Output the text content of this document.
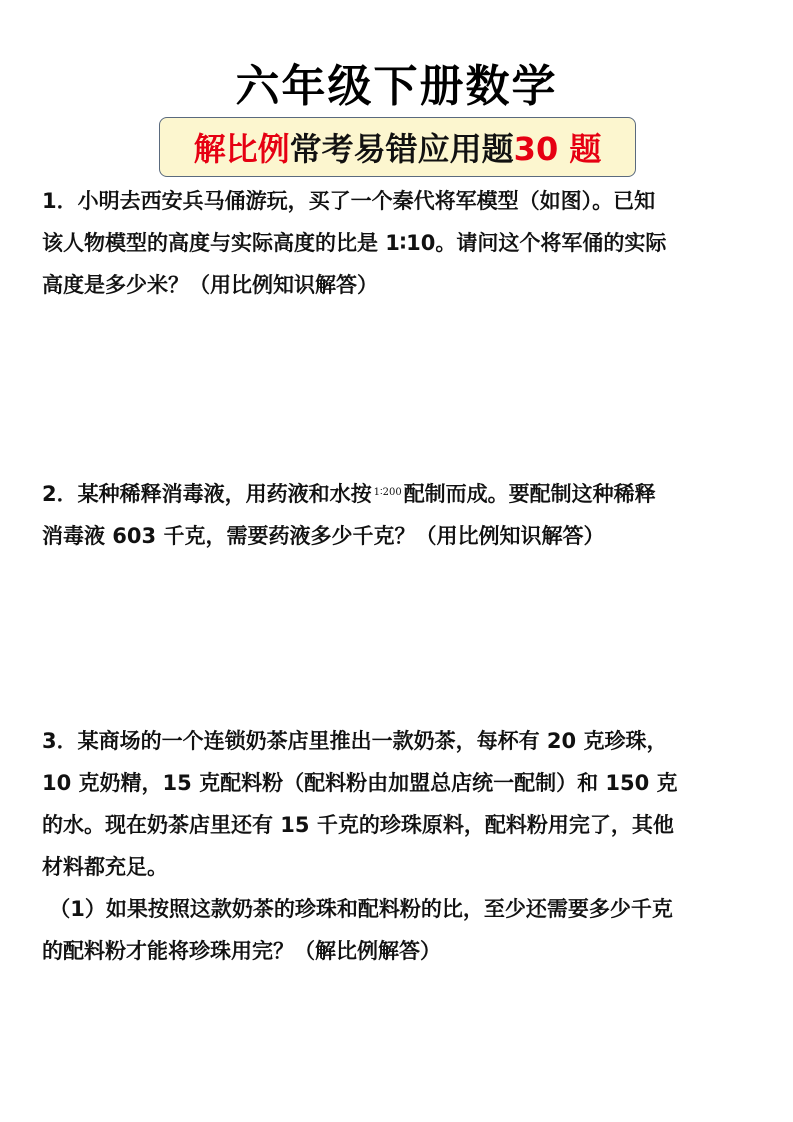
六年级下册数学
解比例 常考易错应用题 30 题

1．小明去西安兵马俑游玩，买了一个秦代将军模型（如图）。已知

该人物模型的高度与实际高度的比是 1∶10。请问这个将军俑的实际

高度是多少米？（用比例知识解答）

2．某种稀释消毒液，用药液和水按 $^{1∶200}$配制而成。要配制这种稀释

消毒液 603 千克，需要药液多少千克？（用比例知识解答）

3．某商场的一个连锁奶茶店里推出一款奶茶，每杯有 20 克珍珠，

10 克奶精，15 克配料粉（配料粉由加盟总店统一配制）和 150 克

的水。现在奶茶店里还有 15 千克的珍珠原料，配料粉用完了，其他

材料都充足。

（1）如果按照这款奶茶的珍珠和配料粉的比，至少还需要多少千克

的配料粉才能将珍珠用完？（解比例解答）
